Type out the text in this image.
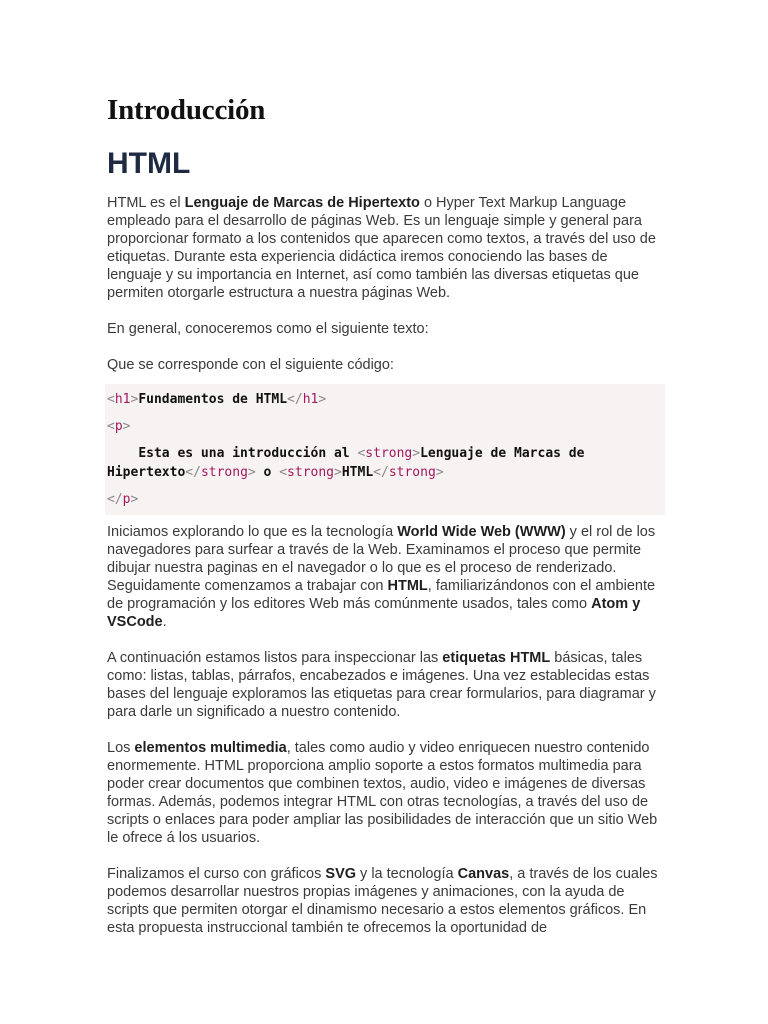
Introducción
HTML

HTML es el Lenguaje de Marcas de Hipertexto o Hyper Text Markup Language empleado para el desarrollo de páginas Web. Es un lenguaje simple y general para proporcionar formato a los contenidos que aparecen como textos, a través del uso de etiquetas. Durante esta experiencia didáctica iremos conociendo las bases de lenguaje y su importancia en Internet, así como también las diversas etiquetas que permiten otorgarle estructura a nuestra páginas Web.

En general, conoceremos como el siguiente texto:

Que se corresponde con el siguiente código:

<h1>Fundamentos de HTML</h1>
<p>
Esta es una introducción al <strong>Lenguaje de Marcas de Hipertexto</strong> o <strong>HTML</strong>
</p>

Iniciamos explorando lo que es la tecnología World Wide Web (WWW) y el rol de los navegadores para surfear a través de la Web. Examinamos el proceso que permite dibujar nuestra paginas en el navegador o lo que es el proceso de renderizado. Seguidamente comenzamos a trabajar con HTML, familiarizándonos con el ambiente de programación y los editores Web más comúnmente usados, tales como Atom y VSCode.

A continuación estamos listos para inspeccionar las etiquetas HTML básicas, tales como: listas, tablas, párrafos, encabezados e imágenes. Una vez establecidas estas bases del lenguaje exploramos las etiquetas para crear formularios, para diagramar y para darle un significado a nuestro contenido.

Los elementos multimedia, tales como audio y video enriquecen nuestro contenido enormemente. HTML proporciona amplio soporte a estos formatos multimedia para poder crear documentos que combinen textos, audio, video e imágenes de diversas formas. Además, podemos integrar HTML con otras tecnologías, a través del uso de scripts o enlaces para poder ampliar las posibilidades de interacción que un sitio Web le ofrece á los usuarios.

Finalizamos el curso con gráficos SVG y la tecnología Canvas, a través de los cuales podemos desarrollar nuestros propias imágenes y animaciones, con la ayuda de scripts que permiten otorgar el dinamismo necesario a estos elementos gráficos. En esta propuesta instruccional también te ofrecemos la oportunidad de
